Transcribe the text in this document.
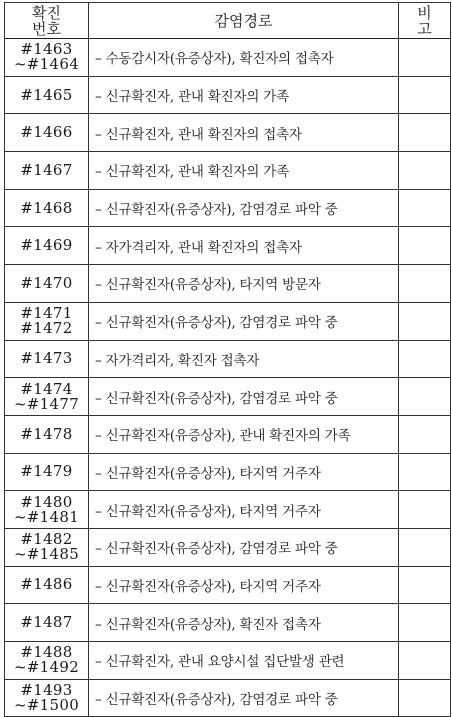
확진
번호	감염경로	비 고

#1463
~#1464	– 수동감시자(유증상자), 확진자의 접촉자	

#1465	– 신규확진자, 관내 확진자의 가족	

#1466	– 신규확진자, 관내 확진자의 접촉자	

#1467	– 신규확진자, 관내 확진자의 가족	

#1468	– 신규확진자(유증상자), 감염경로 파악 중	

#1469	– 자가격리자, 관내 확진자의 접촉자	

#1470	– 신규확진자(유증상자), 타지역 방문자	

#1471
#1472	– 신규확진자(유증상자), 감염경로 파악 중	

#1473	– 자가격리자, 확진자 접촉자	

#1474
~#1477	– 신규확진자(유증상자), 감염경로 파악 중	

#1478	– 신규확진자(유증상자), 관내 확진자의 가족	

#1479	– 신규확진자(유증상자), 타지역 거주자	

#1480
~#1481	– 신규확진자(유증상자), 타지역 거주자	

#1482
~#1485	– 신규확진자(유증상자), 감염경로 파악 중	

#1486	– 신규확진자(유증상자), 타지역 거주자	

#1487	– 신규확진자(유증상자), 확진자 접촉자	

#1488
~#1492	– 신규확진자, 관내 요양시설 집단발생 관련	

#1493
~#1500	– 신규확진자(유증상자), 감염경로 파악 중	
